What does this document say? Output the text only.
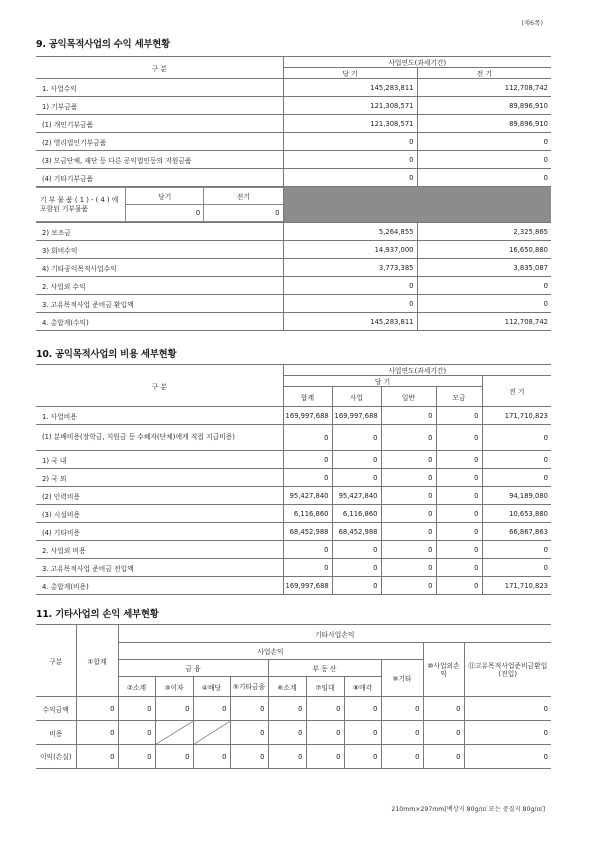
(제6쪽)
9. 공익목적사업의 수익 세부현황
구 분	사업연도(과세기간)
당 기	전 기
1. 사업수익	145,283,811	112,708,742
1) 기부금품	121,308,571	89,896,910
(1) 개인기부금품	121,308,571	89,896,910
(2) 영리법인기부금품	0	0
(3) 모금단체, 재단 등 다른 공익법인등의 지원금품	0	0
(4) 기타기부금품	0	0

기 부 물 품 ( 1 ) - ( 4 ) 에 포함된 기부물품	당기	전기
0	0

2) 보조금	5,264,855	2,325,865
3) 회비수익	14,937,000	16,650,880
4) 기타공익목적사업수익	3,773,385	3,835,087
2. 사업외 수익	0	0
3. 고유목적사업 준비금 환입액	0	0
4. 총합계(수익)	145,283,811	112,708,742
10. 공익목적사업의 비용 세부현황
구 분	사업연도(과세기간)				
	당 기				전 기
	합계	사업	일반	모금	
1. 사업비용	169,997,688	169,997,688	0	0	171,710,823
(1) 분배비용(장학금, 지원금 등 수혜자(단체)에게 직접 지급비용)	0	0	0	0	0
1) 국 내	0	0	0	0	0
2) 국 외	0	0	0	0	0
(2) 인력비용	95,427,840	95,427,840	0	0	94,189,080
(3) 시설비용	6,116,860	6,116,860	0	0	10,653,880
(4) 기타비용	68,452,988	68,452,988	0	0	66,867,863
2. 사업외 비용	0	0	0	0	0
3. 고유목적사업 준비금 전입액	0	0	0	0	0
4. 총합계(비용)	169,997,688	0	0	0	171,710,823
11. 기타사업의 손익 세부현황
구분	①합계	기타사업손익									
		사업손익								⑩사업외손익	⑪고유목적사업준비금환입(전입)
		금 융				부 동 산			⑨기타		
		②소계	③이자	④배당	⑤기타금융	⑥소계	⑦임대	⑧매각			
수익금액	0	0	0	0	0	0	0	0	0	0	0
비용	0	0			0	0	0	0	0	0	0
이익(손실)	0	0	0	0	0	0	0	0	0	0	0
210mm×297mm[백상지 80g/㎡ 또는 중질지 80g/㎡]
